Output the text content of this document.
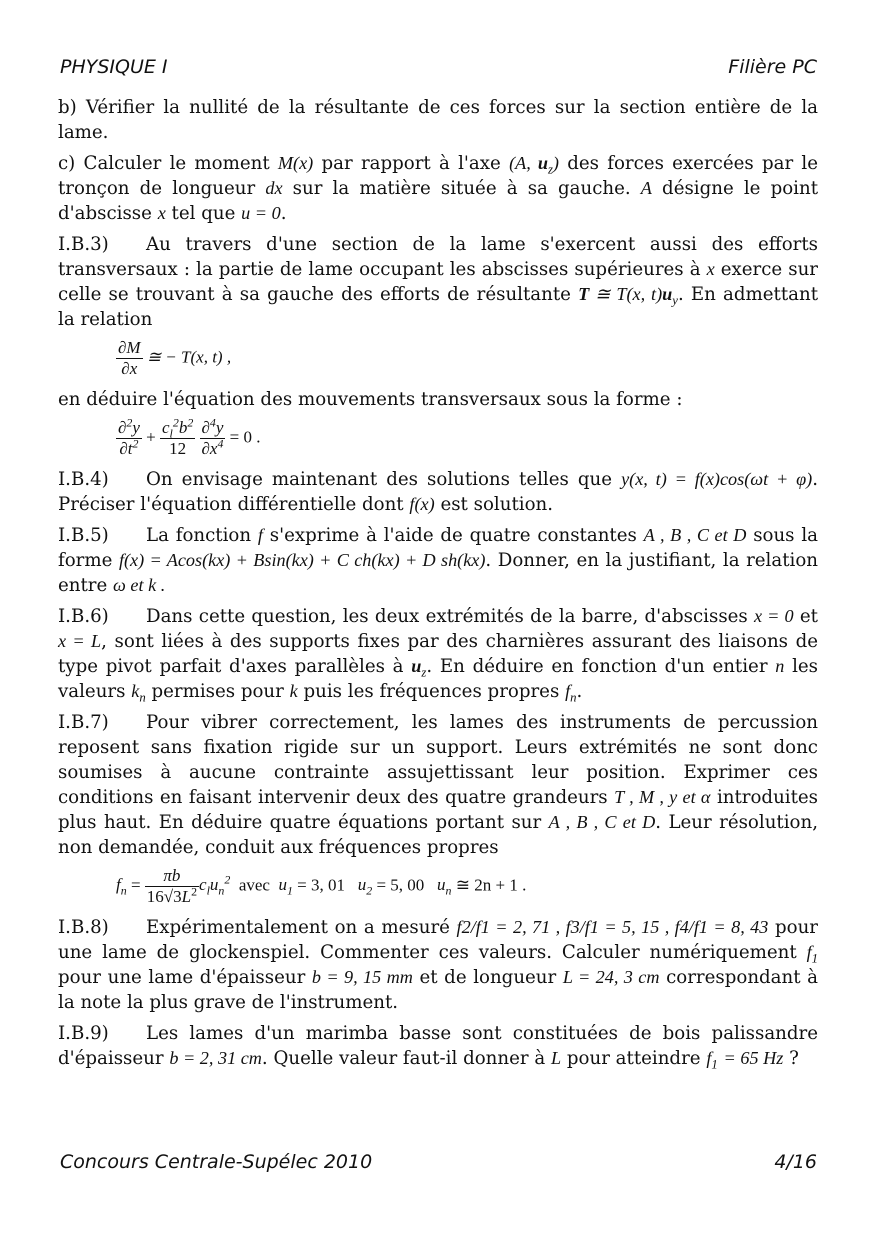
PHYSIQUE I	Filière PC

b) Vérifier la nullité de la résultante de ces forces sur la section entière de la lame.

c) Calculer le moment M(x) par rapport à l'axe (A, $u_z$) des forces exercées par le tronçon de longueur dx sur la matière située à sa gauche. A désigne le point d'abscisse x tel que u = 0.

I.B.3) Au travers d'une section de la lame s'exercent aussi des efforts transversaux : la partie de lame occupant les abscisses supérieures à x exerce sur celle se trouvant à sa gauche des efforts de résultante T ≅ T(x, $t)u_y$. En admettant la relation

$\frac{\partial M}{\partial x}$ ≅ − T(x, t) ,

en déduire l'équation des mouvements transversaux sous la forme :

$\frac{\partial^2y}{\partial t^2} + \frac{c_l^2b^2}{12}$
$\frac{\partial^4y}{\partial x^4} = 0$ .

I.B.4) On envisage maintenant des solutions telles que y(x, t) = f(x)cos(ωt + φ). Préciser l'équation différentielle dont f(x) est solution.

I.B.5) La fonction f s'exprime à l'aide de quatre constantes A , B , C et D sous la forme f(x) = Acos(kx) + Bsin(kx) + C ch(kx) + D sh(kx). Donner, en la justifiant, la relation entre ω et k .

I.B.6) Dans cette question, les deux extrémités de la barre, d'abscisses x = 0 et x = L, sont liées à des supports fixes par des charnières assurant des liaisons de type pivot parfait d'axes parallèles à $u_z$. En déduire en fonction d'un entier n les valeurs $k_n$ permises pour k puis les fréquences propres $f_n$.

I.B.7) Pour vibrer correctement, les lames des instruments de percussion reposent sans fixation rigide sur un support. Leurs extrémités ne sont donc soumises à aucune contrainte assujettissant leur position. Exprimer ces conditions en faisant intervenir deux des quatre grandeurs T , M , y et α introduites plus haut. En déduire quatre équations portant sur A , B , C et D. Leur résolution, non demandée, conduit aux fréquences propres

$f_n = \frac{\pi b}{16√3L^2} c_lu_n^2$ avec $u_1 = 3$, 01 $u_2 = 5$, 00 $u_n$ ≅ 2n + 1 .

I.B.8) Expérimentalement on a mesuré f2/f1 = 2, 71 , f3/f1 = 5, 15 , f4/f1 = 8, 43 pour une lame de glockenspiel. Commenter ces valeurs. Calculer numériquement $f_1$ pour une lame d'épaisseur b = 9, 15 mm et de longueur L = 24, 3 cm correspondant à la note la plus grave de l'instrument.

I.B.9) Les lames d'un marimba basse sont constituées de bois palissandre d'épaisseur b = 2, 31 cm. Quelle valeur faut-il donner à L pour atteindre $f_1 = 65$ Hz ?

Concours Centrale-Supélec 2010	4/16
